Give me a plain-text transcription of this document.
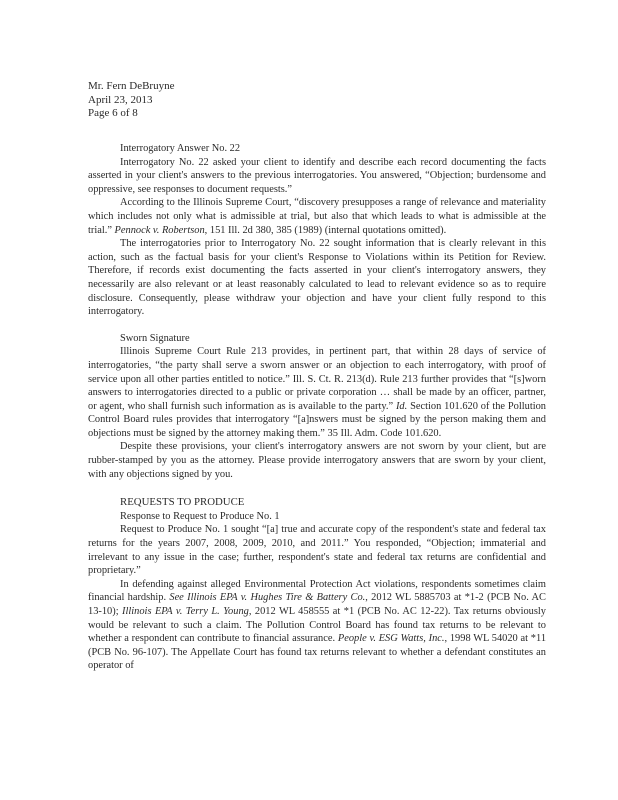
Mr. Fern DeBruyne
April 23, 2013
Page 6 of 8
Interrogatory Answer No. 22

Interrogatory No. 22 asked your client to identify and describe each record documenting the facts asserted in your client's answers to the previous interrogatories. You answered, “Objection; burdensome and oppressive, see responses to document requests.”

According to the Illinois Supreme Court, “discovery presupposes a range of relevance and materiality which includes not only what is admissible at trial, but also that which leads to what is admissible at the trial.” Pennock v. Robertson, 151 Ill. 2d 380, 385 (1989) (internal quotations omitted).

The interrogatories prior to Interrogatory No. 22 sought information that is clearly relevant in this action, such as the factual basis for your client's Response to Violations within its Petition for Review. Therefore, if records exist documenting the facts asserted in your client's interrogatory answers, they necessarily are also relevant or at least reasonably calculated to lead to relevant evidence so as to require disclosure. Consequently, please withdraw your objection and have your client fully respond to this interrogatory.

Sworn Signature

Illinois Supreme Court Rule 213 provides, in pertinent part, that within 28 days of service of interrogatories, “the party shall serve a sworn answer or an objection to each interrogatory, with proof of service upon all other parties entitled to notice.” Ill. S. Ct. R. 213(d). Rule 213 further provides that “[s]worn answers to interrogatories directed to a public or private corporation … shall be made by an officer, partner, or agent, who shall furnish such information as is available to the party.” Id. Section 101.620 of the Pollution Control Board rules provides that interrogatory “[a]nswers must be signed by the person making them and objections must be signed by the attorney making them.” 35 Ill. Adm. Code 101.620.

Despite these provisions, your client's interrogatory answers are not sworn by your client, but are rubber-stamped by you as the attorney. Please provide interrogatory answers that are sworn by your client, with any objections signed by you.

REQUESTS TO PRODUCE
Response to Request to Produce No. 1

Request to Produce No. 1 sought “[a] true and accurate copy of the respondent's state and federal tax returns for the years 2007, 2008, 2009, 2010, and 2011.” You responded, “Objection; immaterial and irrelevant to any issue in the case; further, respondent's state and federal tax returns are confidential and proprietary.”

In defending against alleged Environmental Protection Act violations, respondents sometimes claim financial hardship. See Illinois EPA v. Hughes Tire & Battery Co., 2012 WL 5885703 at *1-2 (PCB No. AC 13-10); Illinois EPA v. Terry L. Young, 2012 WL 458555 at *1 (PCB No. AC 12-22). Tax returns obviously would be relevant to such a claim. The Pollution Control Board has found tax returns to be relevant to whether a respondent can contribute to financial assurance. People v. ESG Watts, Inc., 1998 WL 54020 at *11 (PCB No. 96-107). The Appellate Court has found tax returns relevant to whether a defendant constitutes an operator of
